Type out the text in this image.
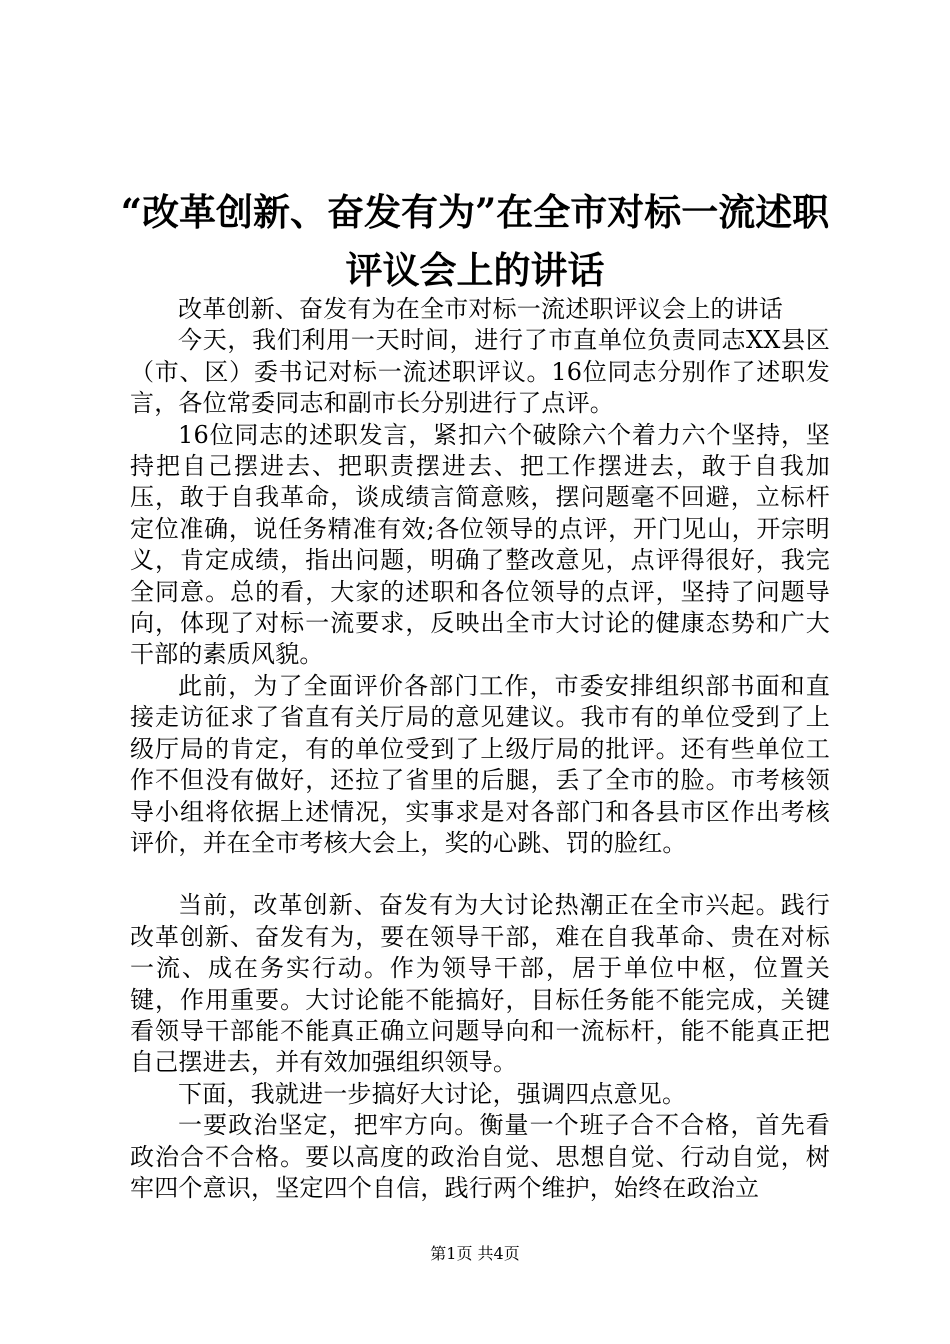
“改革创新、奋发有为”在全市对标一流述职
评议会上的讲话

改革创新、奋发有为在全市对标一流述职评议会上的讲话

今天，我们利用一天时间，进行了市直单位负责同志XX县区（市、区）委书记对标一流述职评议。16位同志分别作了述职发言，各位常委同志和副市长分别进行了点评。

16位同志的述职发言，紧扣六个破除六个着力六个坚持，坚持把自己摆进去、把职责摆进去、把工作摆进去，敢于自我加压，敢于自我革命，谈成绩言简意赅，摆问题毫不回避，立标杆定位准确，说任务精准有效;各位领导的点评，开门见山，开宗明义，肯定成绩，指出问题，明确了整改意见，点评得很好，我完全同意。总的看，大家的述职和各位领导的点评，坚持了问题导向，体现了对标一流要求，反映出全市大讨论的健康态势和广大干部的素质风貌。

此前，为了全面评价各部门工作，市委安排组织部书面和直接走访征求了省直有关厅局的意见建议。我市有的单位受到了上级厅局的肯定，有的单位受到了上级厅局的批评。还有些单位工作不但没有做好，还拉了省里的后腿，丢了全市的脸。市考核领导小组将依据上述情况，实事求是对各部门和各县市区作出考核评价，并在全市考核大会上，奖的心跳、罚的脸红。

当前，改革创新、奋发有为大讨论热潮正在全市兴起。践行改革创新、奋发有为，要在领导干部，难在自我革命、贵在对标一流、成在务实行动。作为领导干部，居于单位中枢，位置关键，作用重要。大讨论能不能搞好，目标任务能不能完成，关键看领导干部能不能真正确立问题导向和一流标杆，能不能真正把自己摆进去，并有效加强组织领导。

下面，我就进一步搞好大讨论，强调四点意见。

一要政治坚定，把牢方向。衡量一个班子合不合格，首先看政治合不合格。要以高度的政治自觉、思想自觉、行动自觉，树牢四个意识，坚定四个自信，践行两个维护，始终在政治立

第1页 共4页
